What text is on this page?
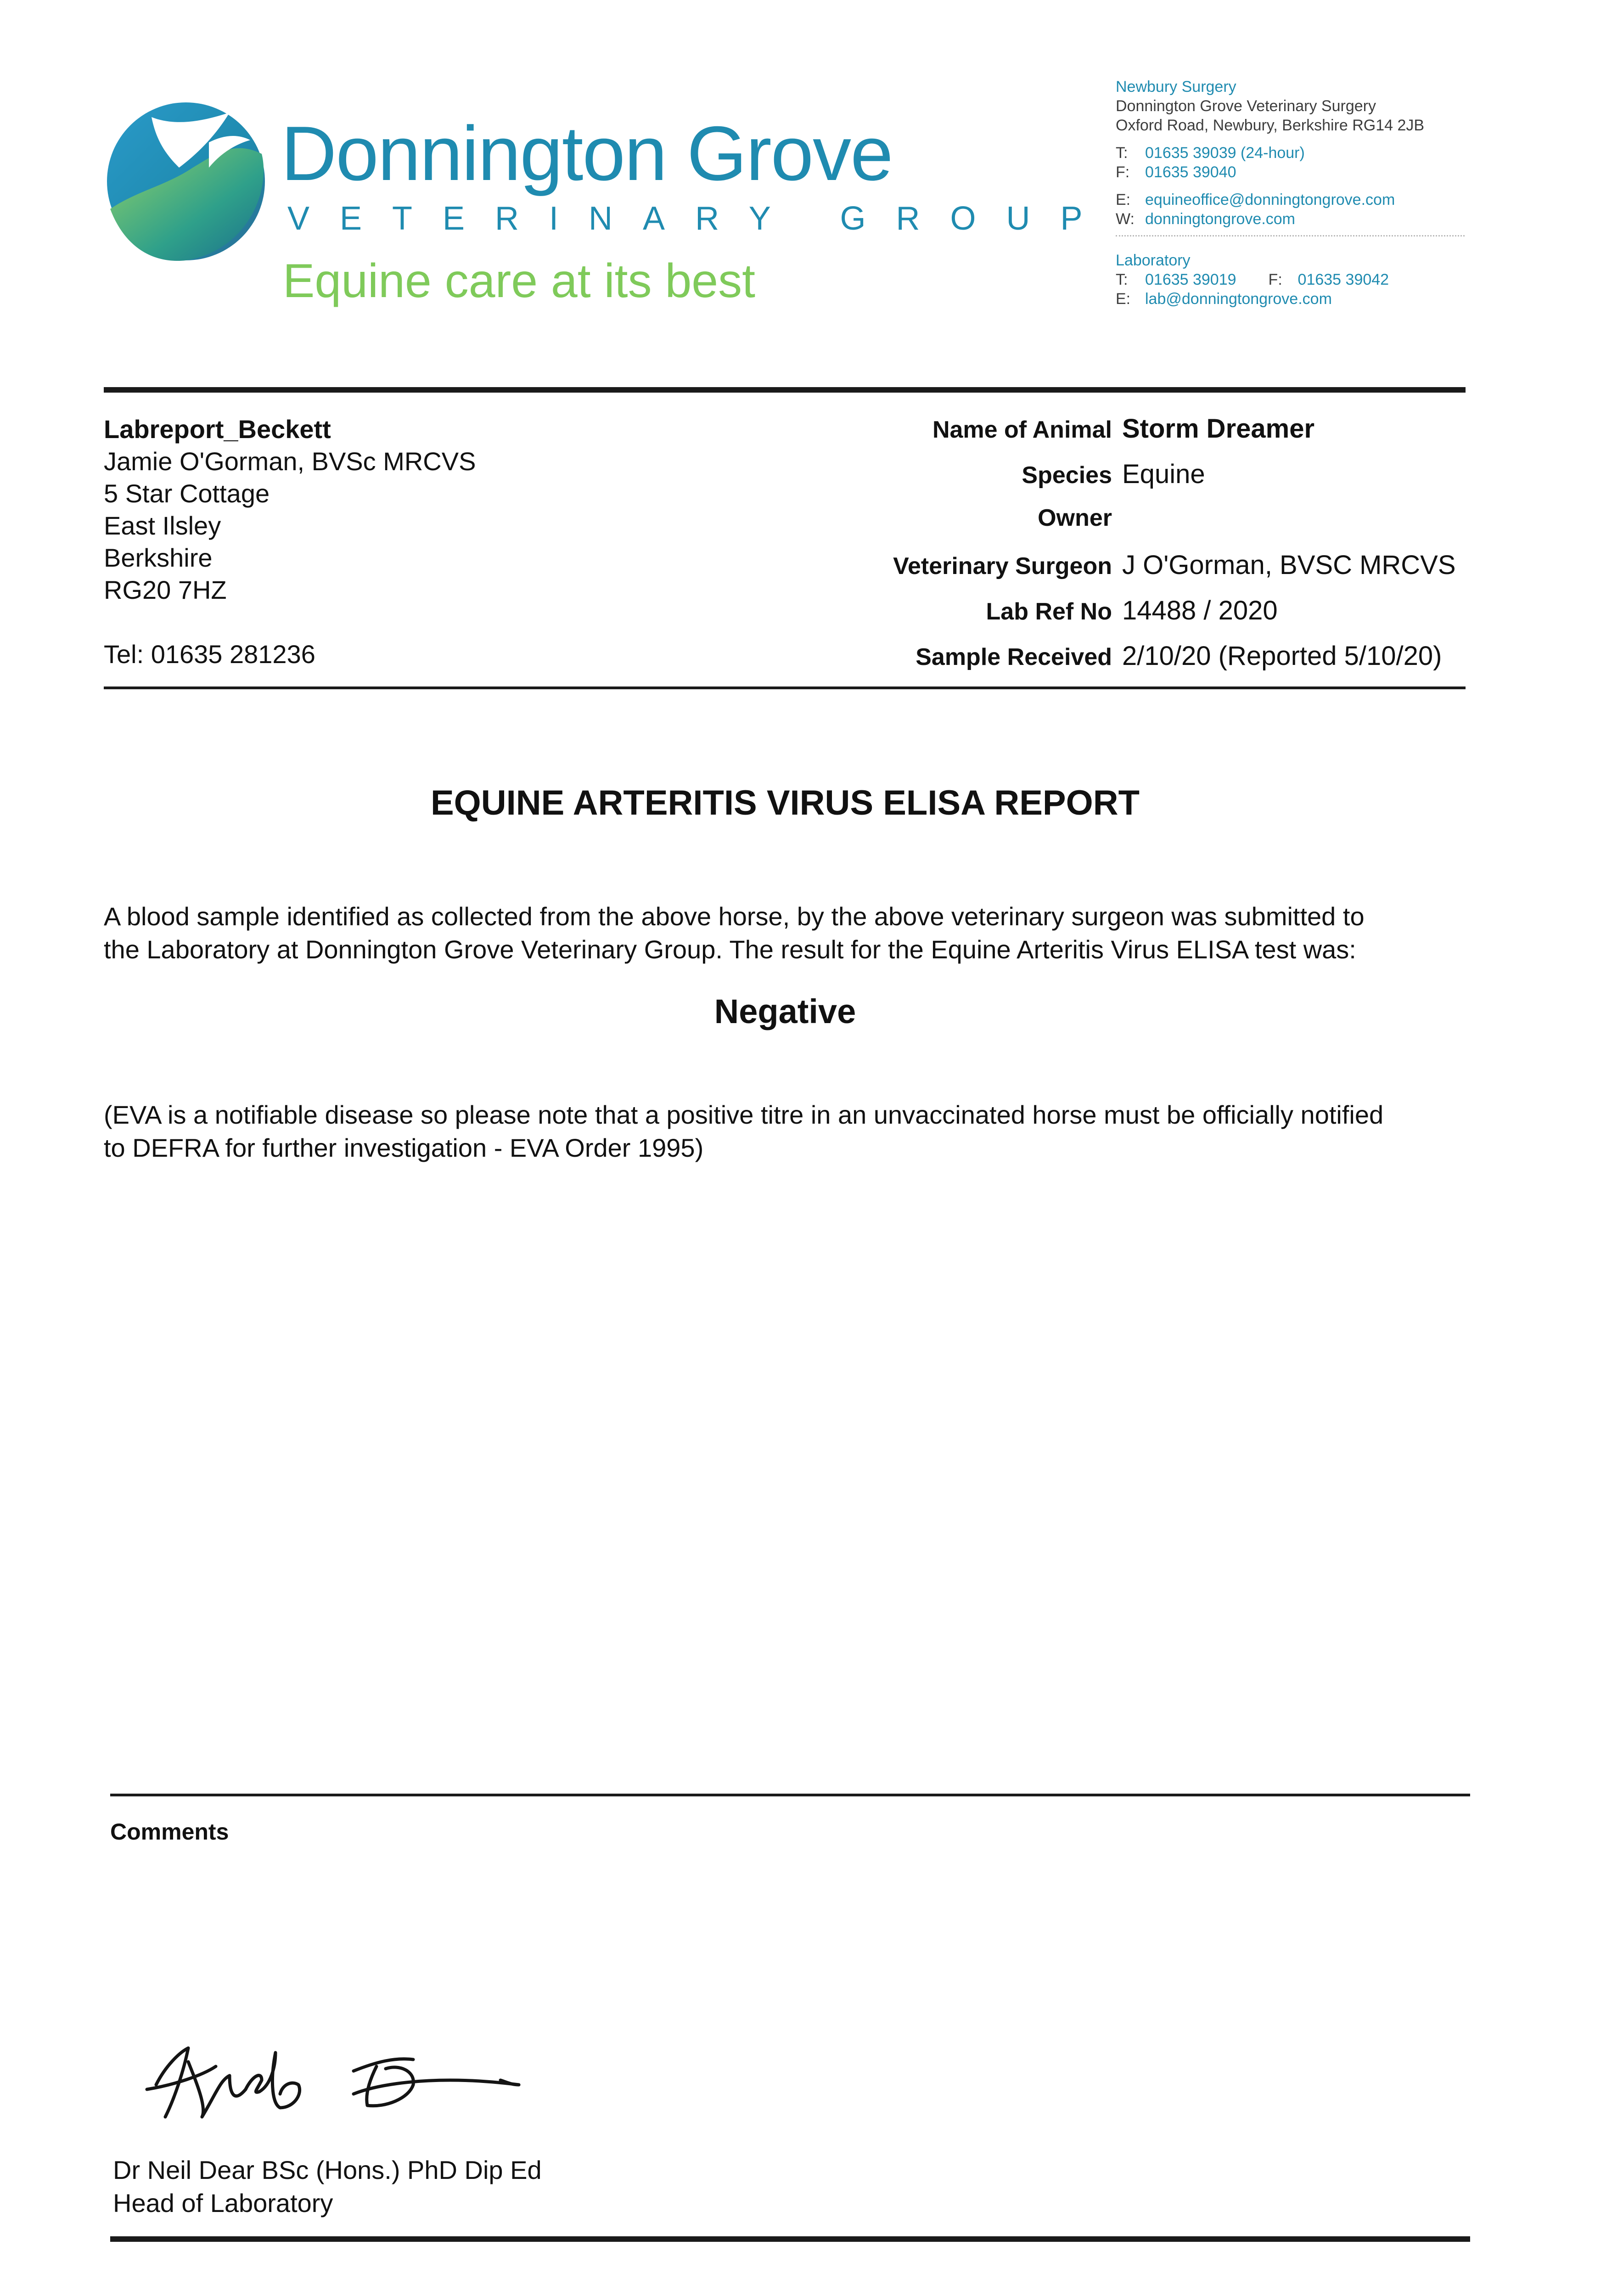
Donnington Grove
VETERINARY GROUP
Equine care at its best
Newbury Surgery
Donnington Grove Veterinary Surgery
Oxford Road, Newbury, Berkshire RG14 2JB
T: 01635 39039 (24-hour)
F: 01635 39040
E: equineoffice@donningtongrove.com
W: donningtongrove.com
Laboratory
T: 01635 39019 F: 01635 39042
E: lab@donningtongrove.com
Labreport_Beckett
Jamie O'Gorman, BVSc MRCVS
5 Star Cottage
East Ilsley
Berkshire
RG20 7HZ
Tel: 01635 281236
Name of Animal Storm Dreamer
Species Equine
Owner
Veterinary Surgeon J O'Gorman, BVSC MRCVS
Lab Ref No 14488 / 2020
Sample Received 2/10/20 (Reported 5/10/20)
EQUINE ARTERITIS VIRUS ELISA REPORT
A blood sample identified as collected from the above horse, by the above veterinary surgeon was submitted to
the Laboratory at Donnington Grove Veterinary Group. The result for the Equine Arteritis Virus ELISA test was:
Negative
(EVA is a notifiable disease so please note that a positive titre in an unvaccinated horse must be officially notified
to DEFRA for further investigation - EVA Order 1995)
Comments
Dr Neil Dear BSc (Hons.) PhD Dip Ed
Head of Laboratory
